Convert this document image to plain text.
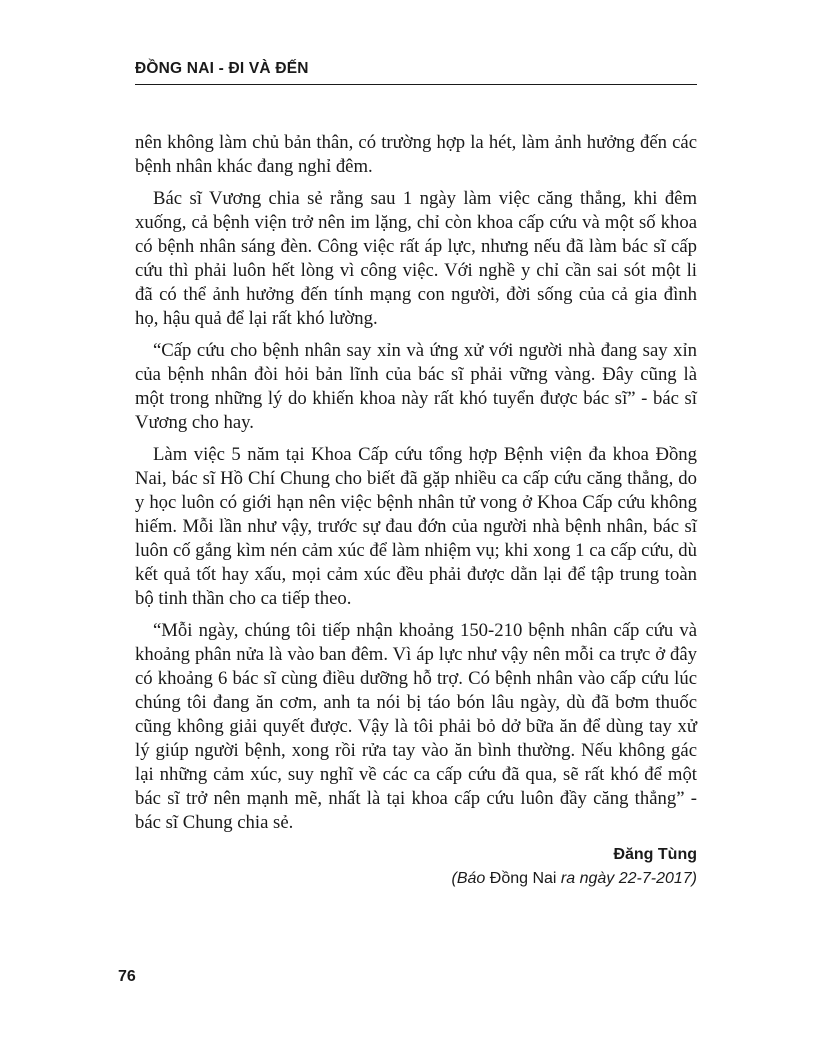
ĐỒNG NAI - ĐI VÀ ĐẾN

nên không làm chủ bản thân, có trường hợp la hét, làm ảnh hưởng đến các bệnh nhân khác đang nghỉ đêm.

Bác sĩ Vương chia sẻ rằng sau 1 ngày làm việc căng thẳng, khi đêm xuống, cả bệnh viện trở nên im lặng, chỉ còn khoa cấp cứu và một số khoa có bệnh nhân sáng đèn. Công việc rất áp lực, nhưng nếu đã làm bác sĩ cấp cứu thì phải luôn hết lòng vì công việc. Với nghề y chỉ cần sai sót một li đã có thể ảnh hưởng đến tính mạng con người, đời sống của cả gia đình họ, hậu quả để lại rất khó lường.

“Cấp cứu cho bệnh nhân say xỉn và ứng xử với người nhà đang say xỉn của bệnh nhân đòi hỏi bản lĩnh của bác sĩ phải vững vàng. Đây cũng là một trong những lý do khiến khoa này rất khó tuyển được bác sĩ” - bác sĩ Vương cho hay.

Làm việc 5 năm tại Khoa Cấp cứu tổng hợp Bệnh viện đa khoa Đồng Nai, bác sĩ Hồ Chí Chung cho biết đã gặp nhiều ca cấp cứu căng thẳng, do y học luôn có giới hạn nên việc bệnh nhân tử vong ở Khoa Cấp cứu không hiếm. Mỗi lần như vậy, trước sự đau đớn của người nhà bệnh nhân, bác sĩ luôn cố gắng kìm nén cảm xúc để làm nhiệm vụ; khi xong 1 ca cấp cứu, dù kết quả tốt hay xấu, mọi cảm xúc đều phải được dằn lại để tập trung toàn bộ tinh thần cho ca tiếp theo.

“Mỗi ngày, chúng tôi tiếp nhận khoảng 150-210 bệnh nhân cấp cứu và khoảng phân nửa là vào ban đêm. Vì áp lực như vậy nên mỗi ca trực ở đây có khoảng 6 bác sĩ cùng điều dưỡng hỗ trợ. Có bệnh nhân vào cấp cứu lúc chúng tôi đang ăn cơm, anh ta nói bị táo bón lâu ngày, dù đã bơm thuốc cũng không giải quyết được. Vậy là tôi phải bỏ dở bữa ăn để dùng tay xử lý giúp người bệnh, xong rồi rửa tay vào ăn bình thường. Nếu không gác lại những cảm xúc, suy nghĩ về các ca cấp cứu đã qua, sẽ rất khó để một bác sĩ trở nên mạnh mẽ, nhất là tại khoa cấp cứu luôn đầy căng thẳng” - bác sĩ Chung chia sẻ.

Đăng Tùng
(Báo Đồng Nai ra ngày 22-7-2017)
76
